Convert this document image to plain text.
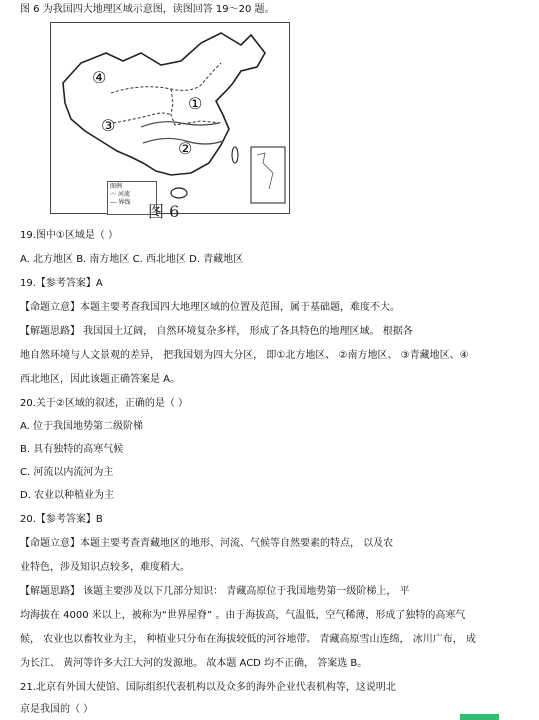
图 6 为我国四大地理区域示意图，读图回答 19～20 题。
④
③
①
②
图例
〰 河流
--- 界线	图 6
19.图中①区域是（ ）
A. 北方地区 B. 南方地区 C. 西北地区 D. 青藏地区
19.【参考答案】A
【命题立意】本题主要考查我国四大地理区域的位置及范围，属于基础题，难度不大。
【解题思路】 我国国土辽阔， 自然环境复杂多样， 形成了各具特色的地理区域。 根据各
地自然环境与人文景观的差异， 把我国划为四大分区， 即①北方地区、 ②南方地区、 ③青藏地区、④
西北地区，因此该题正确答案是 A。
20.关于②区域的叙述，正确的是（ ）
A. 位于我国地势第二级阶梯
B. 具有独特的高寒气候
C. 河流以内流河为主
D. 农业以种植业为主
20.【参考答案】B
【命题立意】本题主要考查青藏地区的地形、河流、气候等自然要素的特点， 以及农
业特色，涉及知识点较多，难度稍大。
【解题思路】 该题主要涉及以下几部分知识： 青藏高原位于我国地势第一级阶梯上， 平
均海拔在 4000 米以上，被称为“世界屋脊” 。由于海拔高，气温低，空气稀薄，形成了独特的高寒气
候， 农业也以畜牧业为主， 种植业只分布在海拔较低的河谷地带。 青藏高原雪山连绵， 冰川广布， 成
为长江、 黄河等许多大江大河的发源地。 故本题 ACD 均不正确， 答案选 B。
21.北京有外国大使馆、国际组织代表机构以及众多的海外企业代表机构等，这说明北
京是我国的（ ）
